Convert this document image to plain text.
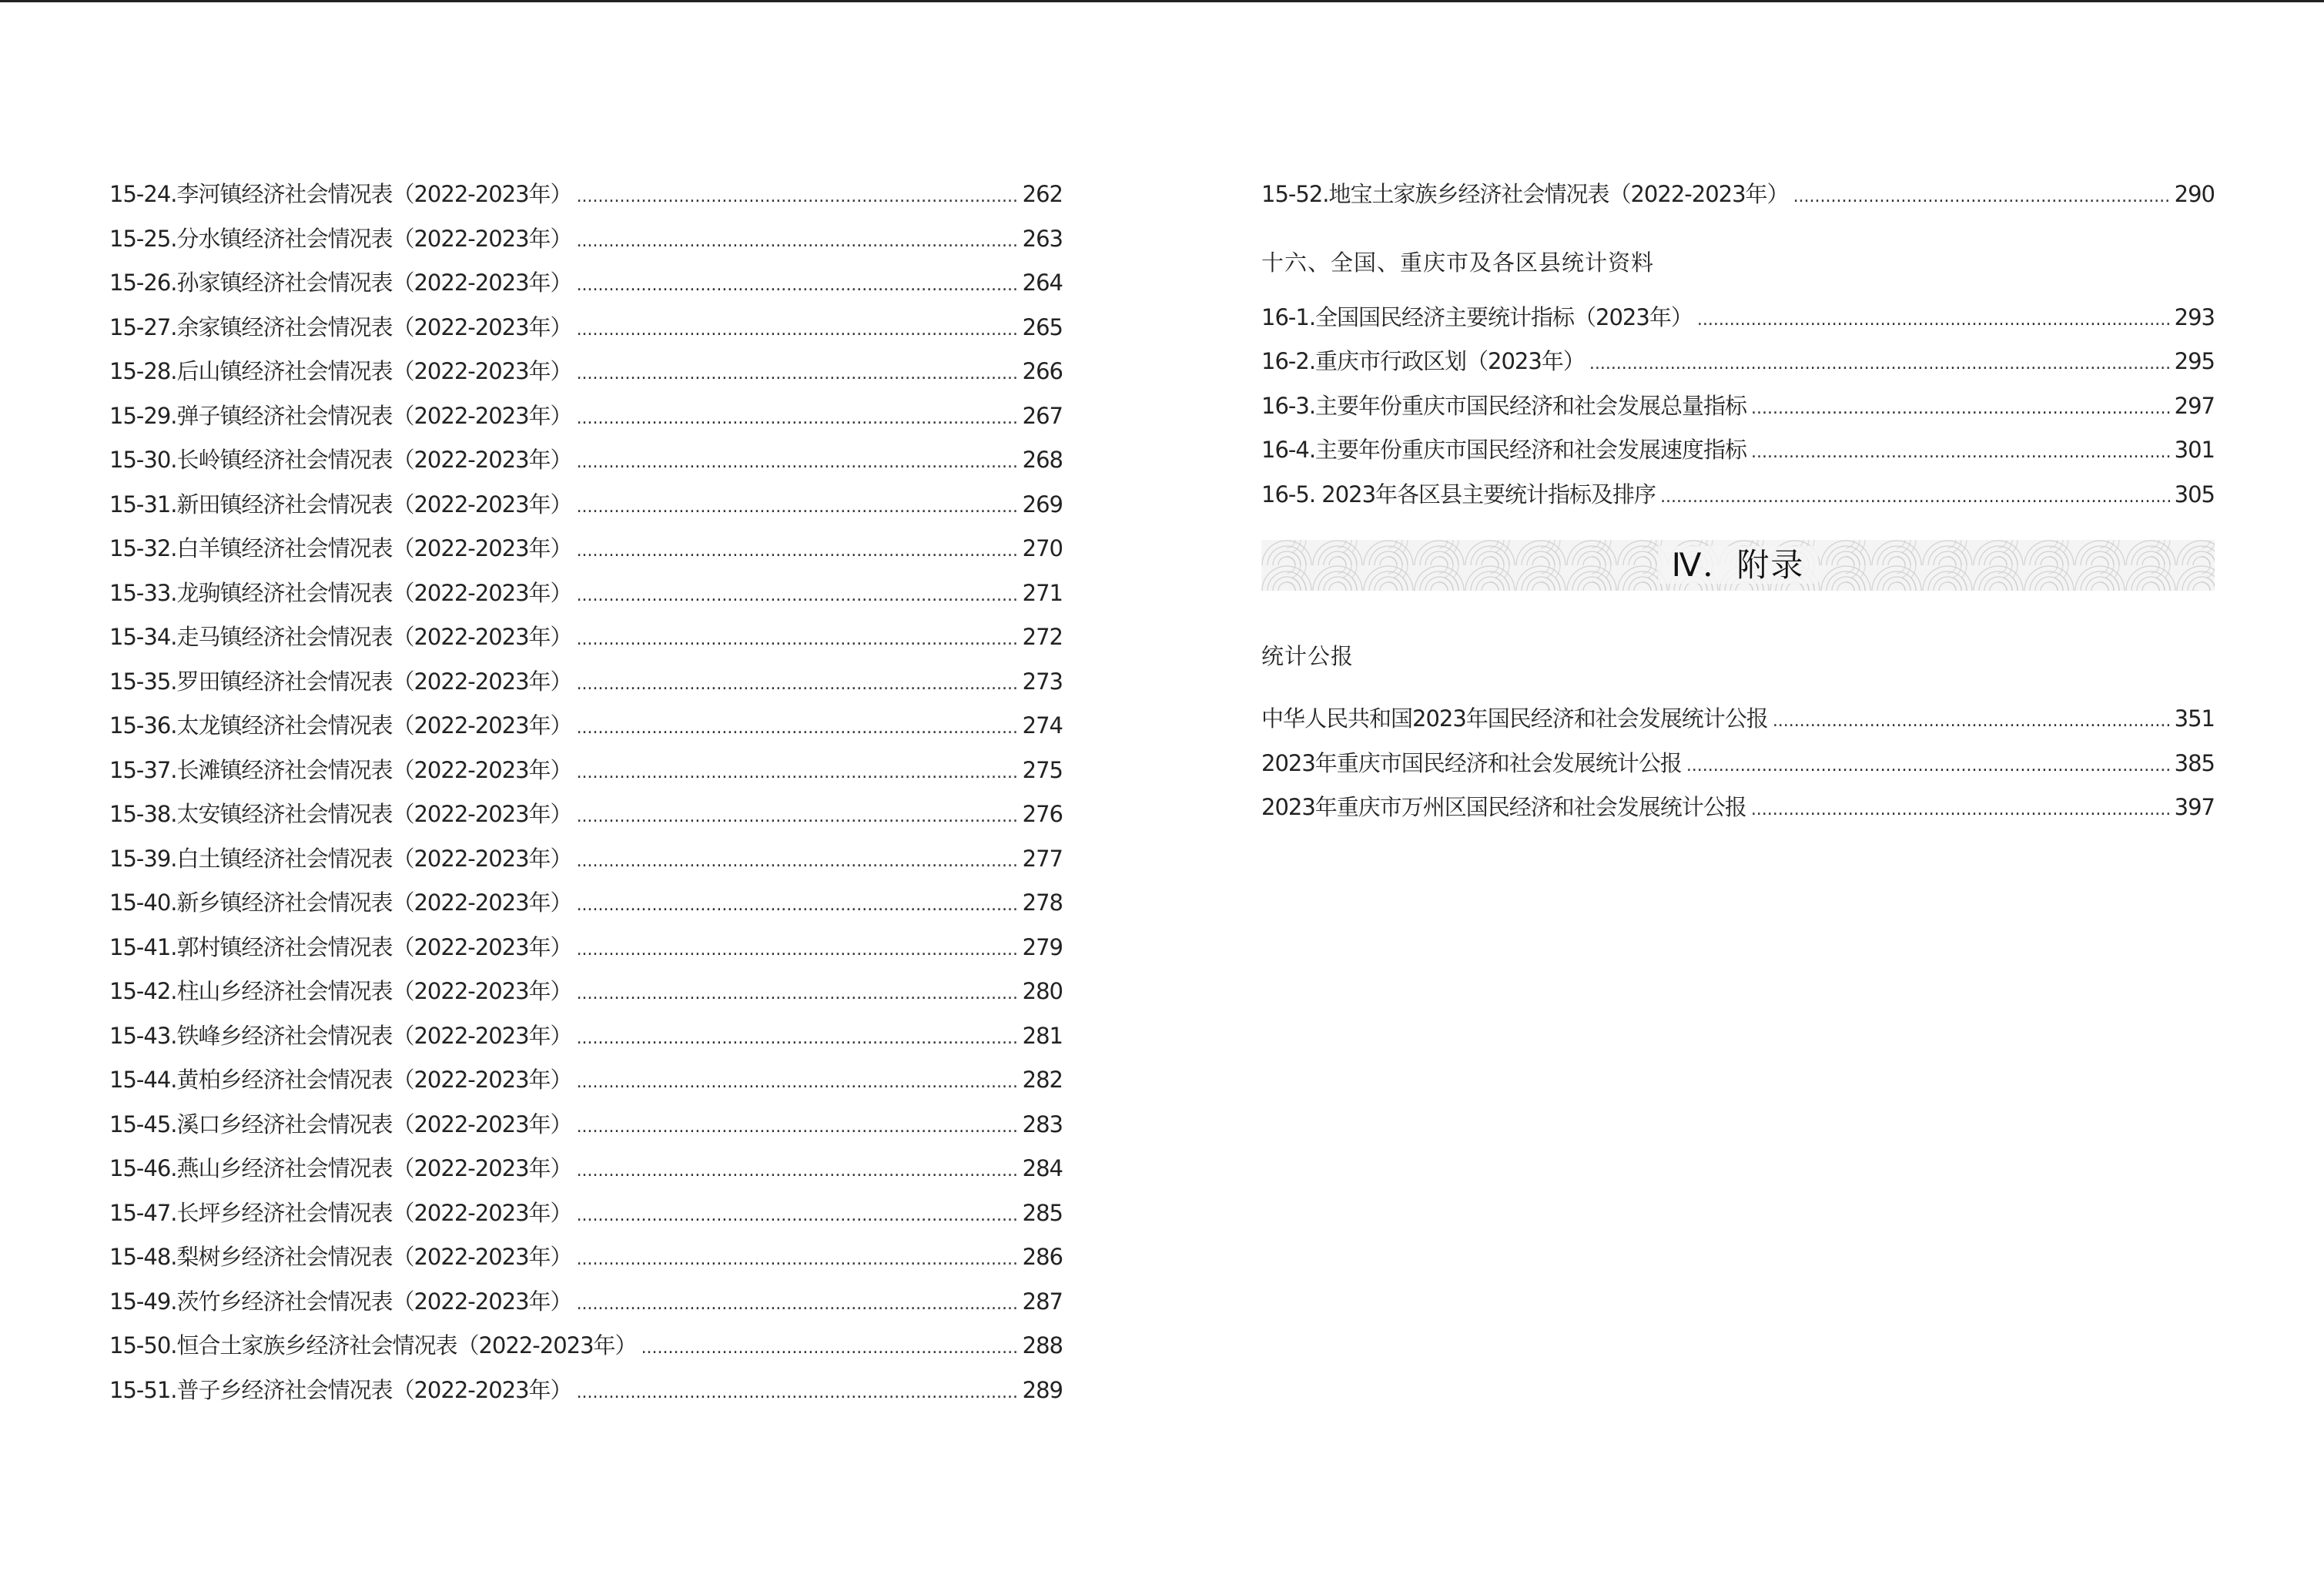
15-24.李河镇经济社会情况表（2022-2023年） .....	262
15-25.分水镇经济社会情况表（2022-2023年） .....	263
15-26.孙家镇经济社会情况表（2022-2023年） .....	264
15-27.余家镇经济社会情况表（2022-2023年） .....	265
15-28.后山镇经济社会情况表（2022-2023年） .....	266
15-29.弹子镇经济社会情况表（2022-2023年） .....	267
15-30.长岭镇经济社会情况表（2022-2023年） .....	268
15-31.新田镇经济社会情况表（2022-2023年） .....	269
15-32.白羊镇经济社会情况表（2022-2023年） .....	270
15-33.龙驹镇经济社会情况表（2022-2023年） .....	271
15-34.走马镇经济社会情况表（2022-2023年） .....	272
15-35.罗田镇经济社会情况表（2022-2023年） .....	273
15-36.太龙镇经济社会情况表（2022-2023年） .....	274
15-37.长滩镇经济社会情况表（2022-2023年） .....	275
15-38.太安镇经济社会情况表（2022-2023年） .....	276
15-39.白土镇经济社会情况表（2022-2023年） .....	277
15-40.新乡镇经济社会情况表（2022-2023年） .....	278
15-41.郭村镇经济社会情况表（2022-2023年） .....	279
15-42.柱山乡经济社会情况表（2022-2023年） .....	280
15-43.铁峰乡经济社会情况表（2022-2023年） .....	281
15-44.黄柏乡经济社会情况表（2022-2023年） .....	282
15-45.溪口乡经济社会情况表（2022-2023年） .....	283
15-46.燕山乡经济社会情况表（2022-2023年） .....	284
15-47.长坪乡经济社会情况表（2022-2023年） .....	285
15-48.梨树乡经济社会情况表（2022-2023年） .....	286
15-49.茨竹乡经济社会情况表（2022-2023年） .....	287
15-50.恒合土家族乡经济社会情况表（2022-2023年） .....	288
15-51.普子乡经济社会情况表（2022-2023年） .....	289
15-52.地宝土家族乡经济社会情况表（2022-2023年） .....	290
十六、全国、重庆市及各区县统计资料
16-1.全国国民经济主要统计指标（2023年） .....	293
16-2.重庆市行政区划（2023年） .....	295
16-3.主要年份重庆市国民经济和社会发展总量指标 .....	297
16-4.主要年份重庆市国民经济和社会发展速度指标 .....	301
16-5. 2023年各区县主要统计指标及排序 .....	305
Ⅳ．附录
统计公报
中华人民共和国2023年国民经济和社会发展统计公报 .....	351
2023年重庆市国民经济和社会发展统计公报 .....	385
2023年重庆市万州区国民经济和社会发展统计公报 .....	397
